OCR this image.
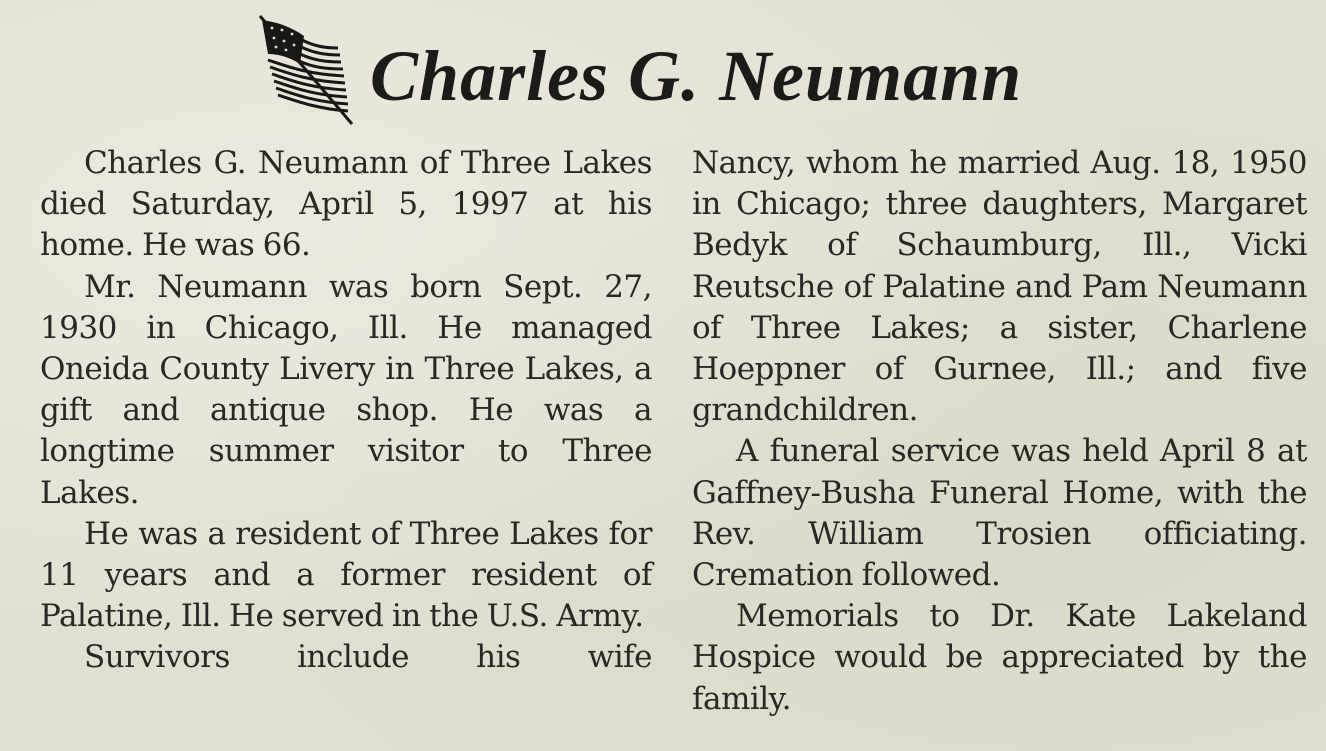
Charles G. Neumann

Charles G. Neumann of Three Lakes died Saturday, April 5, 1997 at his home. He was 66.

Mr. Neumann was born Sept. 27, 1930 in Chicago, Ill. He managed Oneida County Livery in Three Lakes, a gift and antique shop. He was a longtime summer visitor to Three Lakes.

He was a resident of Three Lakes for 11 years and a former resident of Palatine, Ill. He served in the U.S. Army.

Survivors include his wife

Nancy, whom he married Aug. 18, 1950 in Chicago; three daughters, Margaret Bedyk of Schaumburg, Ill., Vicki Reutsche of Palatine and Pam Neumann of Three Lakes; a sister, Charlene Hoeppner of Gurnee, Ill.; and five grandchildren.

A funeral service was held April 8 at Gaffney-Busha Funeral Home, with the Rev. William Trosien officiating. Cremation followed.

Memorials to Dr. Kate Lakeland Hospice would be appreciated by the family.
